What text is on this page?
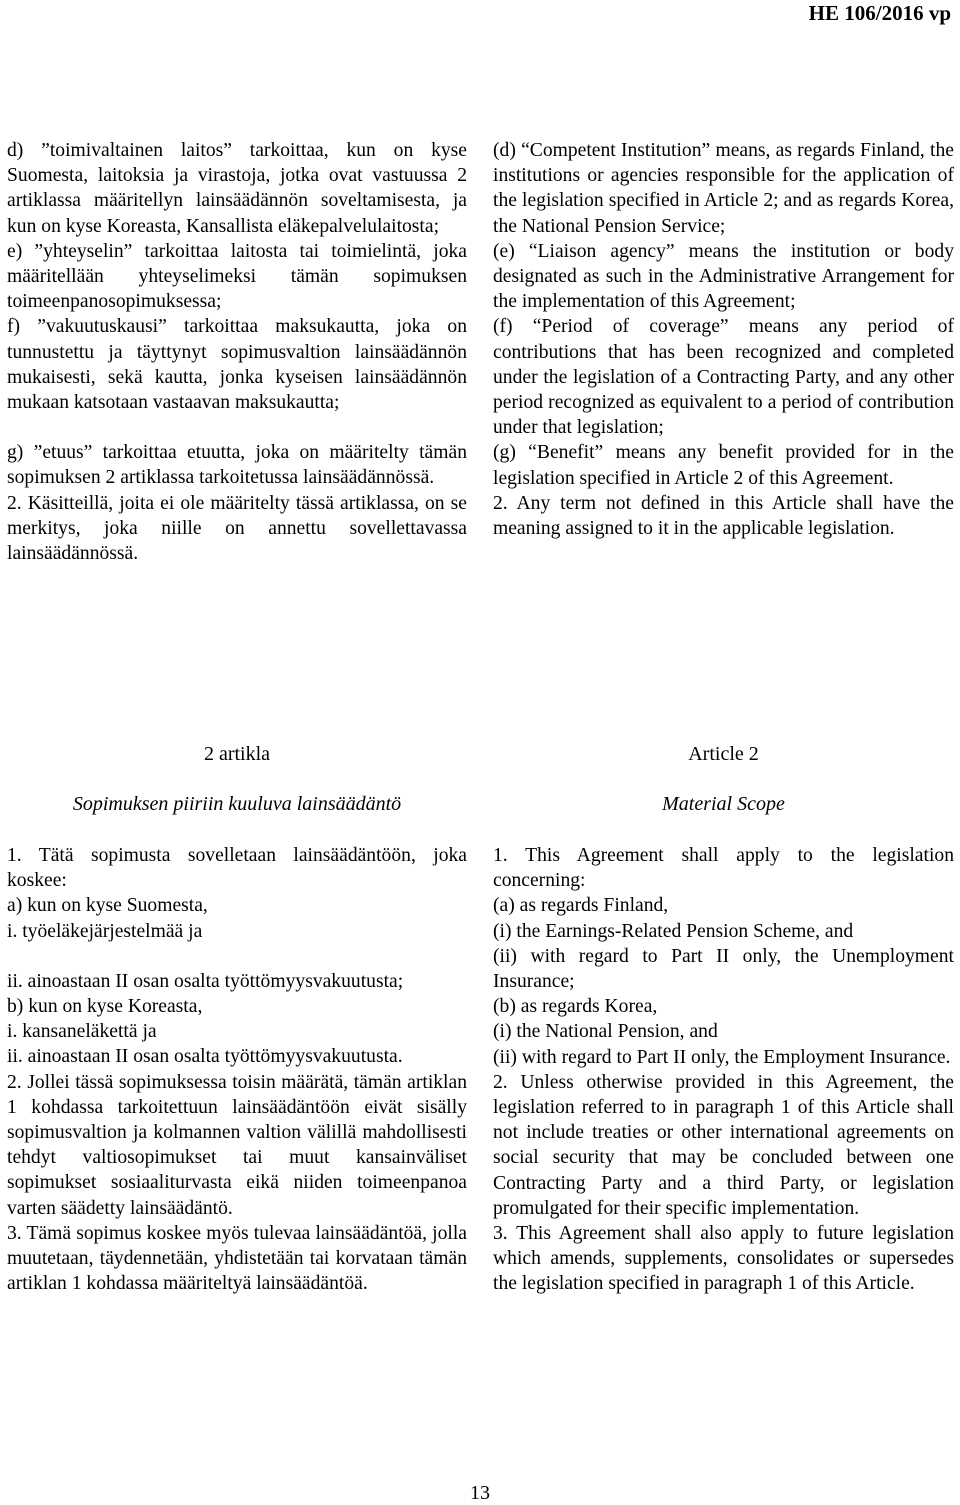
HE 106/2016 vp

d) ”toimivaltainen laitos” tarkoittaa, kun on kyse Suomesta, laitoksia ja virastoja, jotka ovat vastuussa 2 artiklassa määritellyn lainsäädännön soveltamisesta, ja kun on kyse Koreasta, Kansallista eläkepalvelulaitosta;

e) ”yhteyselin” tarkoittaa laitosta tai toimielintä, joka määritellään yhteyselimeksi tämän sopimuksen toimeenpanosopimuksessa;

f) ”vakuutuskausi” tarkoittaa maksukautta, joka on tunnustettu ja täyttynyt sopimusvaltion lainsäädännön mukaisesti, sekä kautta, jonka kyseisen lainsäädännön mukaan katsotaan vastaavan maksukautta;

g) ”etuus” tarkoittaa etuutta, joka on määritelty tämän sopimuksen 2 artiklassa tarkoitetussa lainsäädännössä.

2. Käsitteillä, joita ei ole määritelty tässä artiklassa, on se merkitys, joka niille on annettu sovellettavassa lainsäädännössä.

(d) “Competent Institution” means, as regards Finland, the institutions or agencies responsible for the application of the legislation specified in Article 2; and as regards Korea, the National Pension Service;

(e) “Liaison agency” means the institution or body designated as such in the Administrative Arrangement for the implementation of this Agreement;

(f) “Period of coverage” means any period of contributions that has been recognized and completed under the legislation of a Contracting Party, and any other period recognized as equivalent to a period of contribution under that legislation;

(g) “Benefit” means any benefit provided for in the legislation specified in Article 2 of this Agreement.

2. Any term not defined in this Article shall have the meaning assigned to it in the applicable legislation.

2 artikla	Article 2
Sopimuksen piiriin kuuluva lainsäädäntö	Material Scope

1. Tätä sopimusta sovelletaan lainsäädäntöön, joka koskee:

a) kun on kyse Suomesta,

i. työeläkejärjestelmää ja

ii. ainoastaan II osan osalta työttömyysvakuutusta;

b) kun on kyse Koreasta,

i. kansaneläkettä ja

ii. ainoastaan II osan osalta työttömyysvakuutusta.

2. Jollei tässä sopimuksessa toisin määrätä, tämän artiklan 1 kohdassa tarkoitettuun lainsäädäntöön eivät sisälly sopimusvaltion ja kolmannen valtion välillä mahdollisesti tehdyt valtiosopimukset tai muut kansainväliset sopimukset sosiaaliturvasta eikä niiden toimeenpanoa varten säädetty lainsäädäntö.

3. Tämä sopimus koskee myös tulevaa lainsäädäntöä, jolla muutetaan, täydennetään, yhdistetään tai korvataan tämän artiklan 1 kohdassa määriteltyä lainsäädäntöä.

1. This Agreement shall apply to the legislation concerning:

(a) as regards Finland,

(i) the Earnings-Related Pension Scheme, and

(ii) with regard to Part II only, the Unemployment Insurance;

(b) as regards Korea,

(i) the National Pension, and

(ii) with regard to Part II only, the Employment Insurance.

2. Unless otherwise provided in this Agreement, the legislation referred to in paragraph 1 of this Article shall not include treaties or other international agreements on social security that may be concluded between one Contracting Party and a third Party, or legislation promulgated for their specific implementation.

3. This Agreement shall also apply to future legislation which amends, supplements, consolidates or supersedes the legislation specified in paragraph 1 of this Article.

13
